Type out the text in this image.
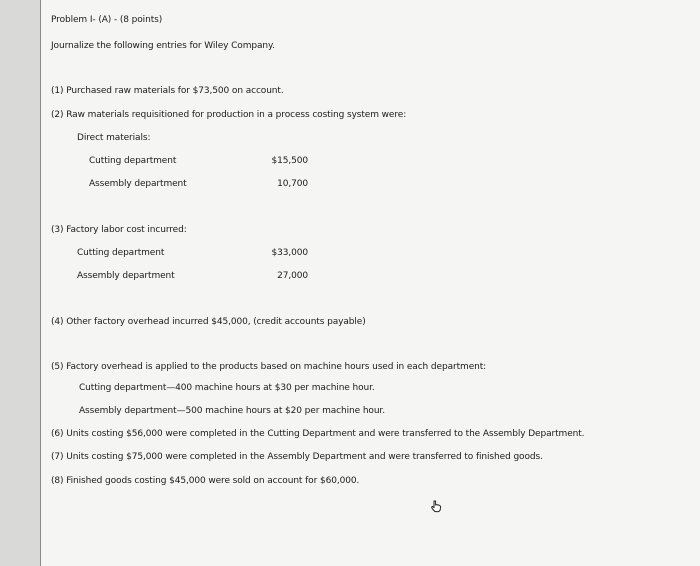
Problem I- (A) - (8 points)
Journalize the following entries for Wiley Company.
(1) Purchased raw materials for $73,500 on account.
(2) Raw materials requisitioned for production in a process costing system were:
Direct materials:
Cutting department	$15,500
Assembly department	10,700
(3) Factory labor cost incurred:
Cutting department	$33,000
Assembly department	27,000
(4) Other factory overhead incurred $45,000, (credit accounts payable)
(5) Factory overhead is applied to the products based on machine hours used in each department:
Cutting department—400 machine hours at $30 per machine hour.
Assembly department—500 machine hours at $20 per machine hour.
(6) Units costing $56,000 were completed in the Cutting Department and were transferred to the Assembly Department.
(7) Units costing $75,000 were completed in the Assembly Department and were transferred to finished goods.
(8) Finished goods costing $45,000 were sold on account for $60,000.
